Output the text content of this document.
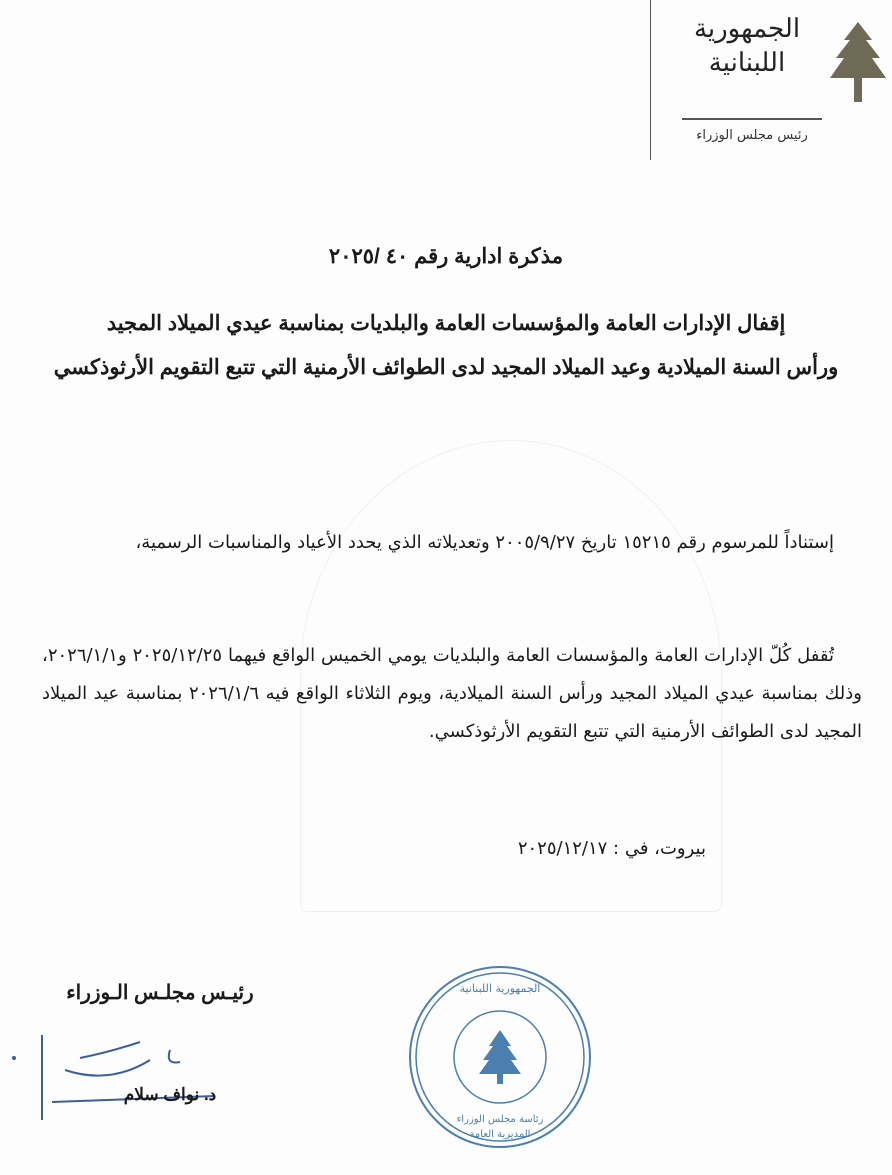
الجمهورية اللبنانية
رئيس مجلس الوزراء
مذكرة ادارية رقم ٤٠ /٢٠٢٥
إقفال الإدارات العامة والمؤسسات العامة والبلديات بمناسبة عيدي الميلاد المجيد
ورأس السنة الميلادية وعيد الميلاد المجيد لدى الطوائف الأرمنية التي تتبع التقويم الأرثوذكسي
إستناداً للمرسوم رقم ١٥٢١٥ تاريخ ٢٠٠٥/٩/٢٧ وتعديلاته الذي يحدد الأعياد والمناسبات الرسمية،
تُقفل كُلّ الإدارات العامة والمؤسسات العامة والبلديات يومي الخميس الواقع فيهما ٢٠٢٥/١٢/٢٥ و٢٠٢٦/١/١، وذلك بمناسبة عيدي الميلاد المجيد ورأس السنة الميلادية، ويوم الثلاثاء الواقع فيه ٢٠٢٦/١/٦ بمناسبة عيد الميلاد المجيد لدى الطوائف الأرمنية التي تتبع التقويم الأرثوذكسي.
بيروت، في : ٢٠٢٥/١٢/١٧
رئيـس مجلـس الـوزراء
د. نواف سلام
الجمهورية اللبنانية
رئاسة مجلس الوزراء
المديرية العامة
